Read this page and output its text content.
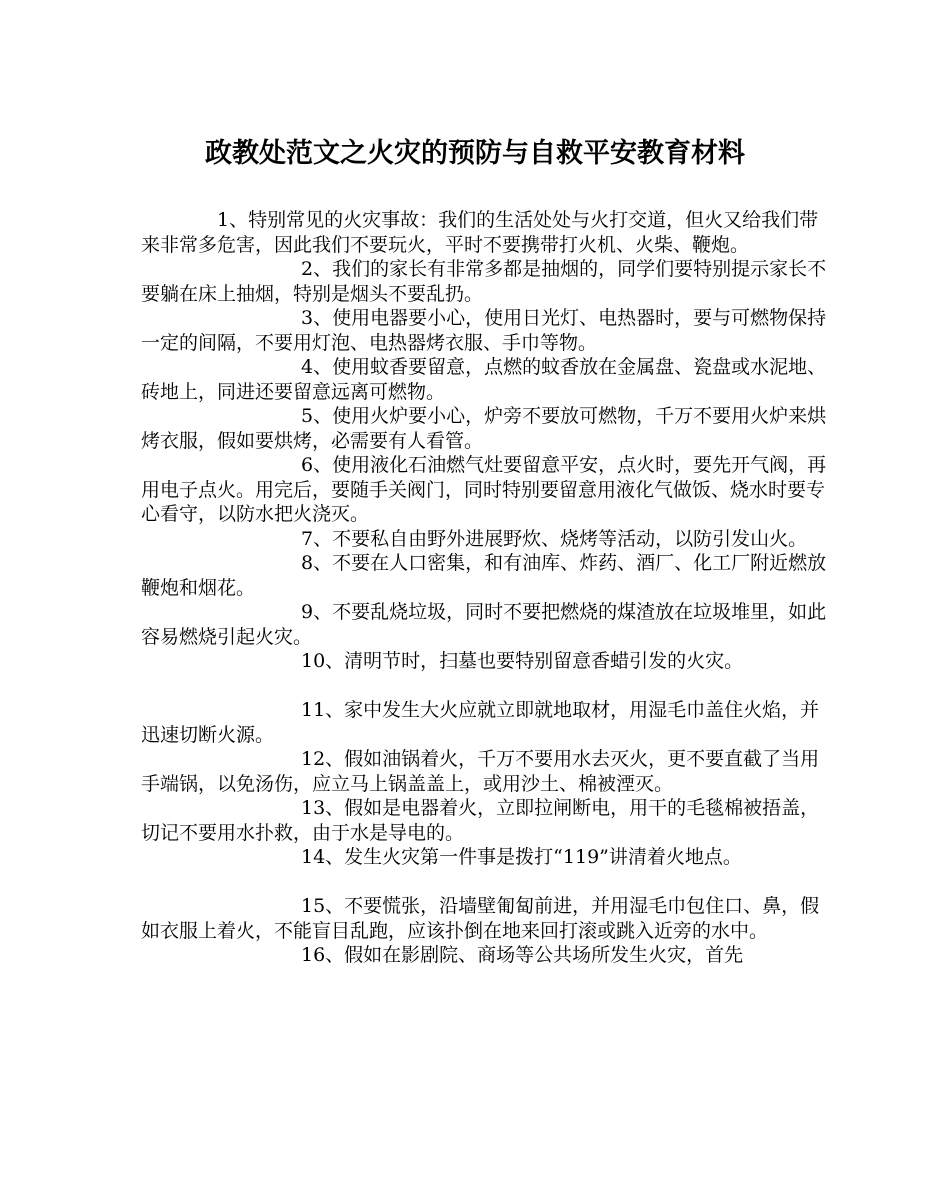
政教处范文之火灾的预防与自救平安教育材料

1、特别常见的火灾事故：我们的生活处处与火打交道，但火又给我们带来非常多危害，因此我们不要玩火，平时不要携带打火机、火柴、鞭炮。

2、我们的家长有非常多都是抽烟的，同学们要特别提示家长不要躺在床上抽烟，特别是烟头不要乱扔。

3、使用电器要小心，使用日光灯、电热器时，要与可燃物保持一定的间隔，不要用灯泡、电热器烤衣服、手巾等物。

4、使用蚊香要留意，点燃的蚊香放在金属盘、瓷盘或水泥地、砖地上，同进还要留意远离可燃物。

5、使用火炉要小心，炉旁不要放可燃物，千万不要用火炉来烘烤衣服，假如要烘烤，必需要有人看管。

6、使用液化石油燃气灶要留意平安，点火时，要先开气阀，再用电子点火。用完后，要随手关阀门，同时特别要留意用液化气做饭、烧水时要专心看守，以防水把火浇灭。

7、不要私自由野外进展野炊、烧烤等活动，以防引发山火。

8、不要在人口密集，和有油库、炸药、酒厂、化工厂附近燃放鞭炮和烟花。

9、不要乱烧垃圾，同时不要把燃烧的煤渣放在垃圾堆里，如此容易燃烧引起火灾。

10、清明节时，扫墓也要特别留意香蜡引发的火灾。

11、家中发生大火应就立即就地取材，用湿毛巾盖住火焰，并迅速切断火源。

12、假如油锅着火，千万不要用水去灭火，更不要直截了当用手端锅，以免汤伤，应立马上锅盖盖上，或用沙土、棉被湮灭。

13、假如是电器着火，立即拉闸断电，用干的毛毯棉被捂盖，切记不要用水扑救，由于水是导电的。

14、发生火灾第一件事是拨打“119”讲清着火地点。

15、不要慌张，沿墙壁匍匐前进，并用湿毛巾包住口、鼻，假如衣服上着火，不能盲目乱跑，应该扑倒在地来回打滚或跳入近旁的水中。

16、假如在影剧院、商场等公共场所发生火灾，首先
